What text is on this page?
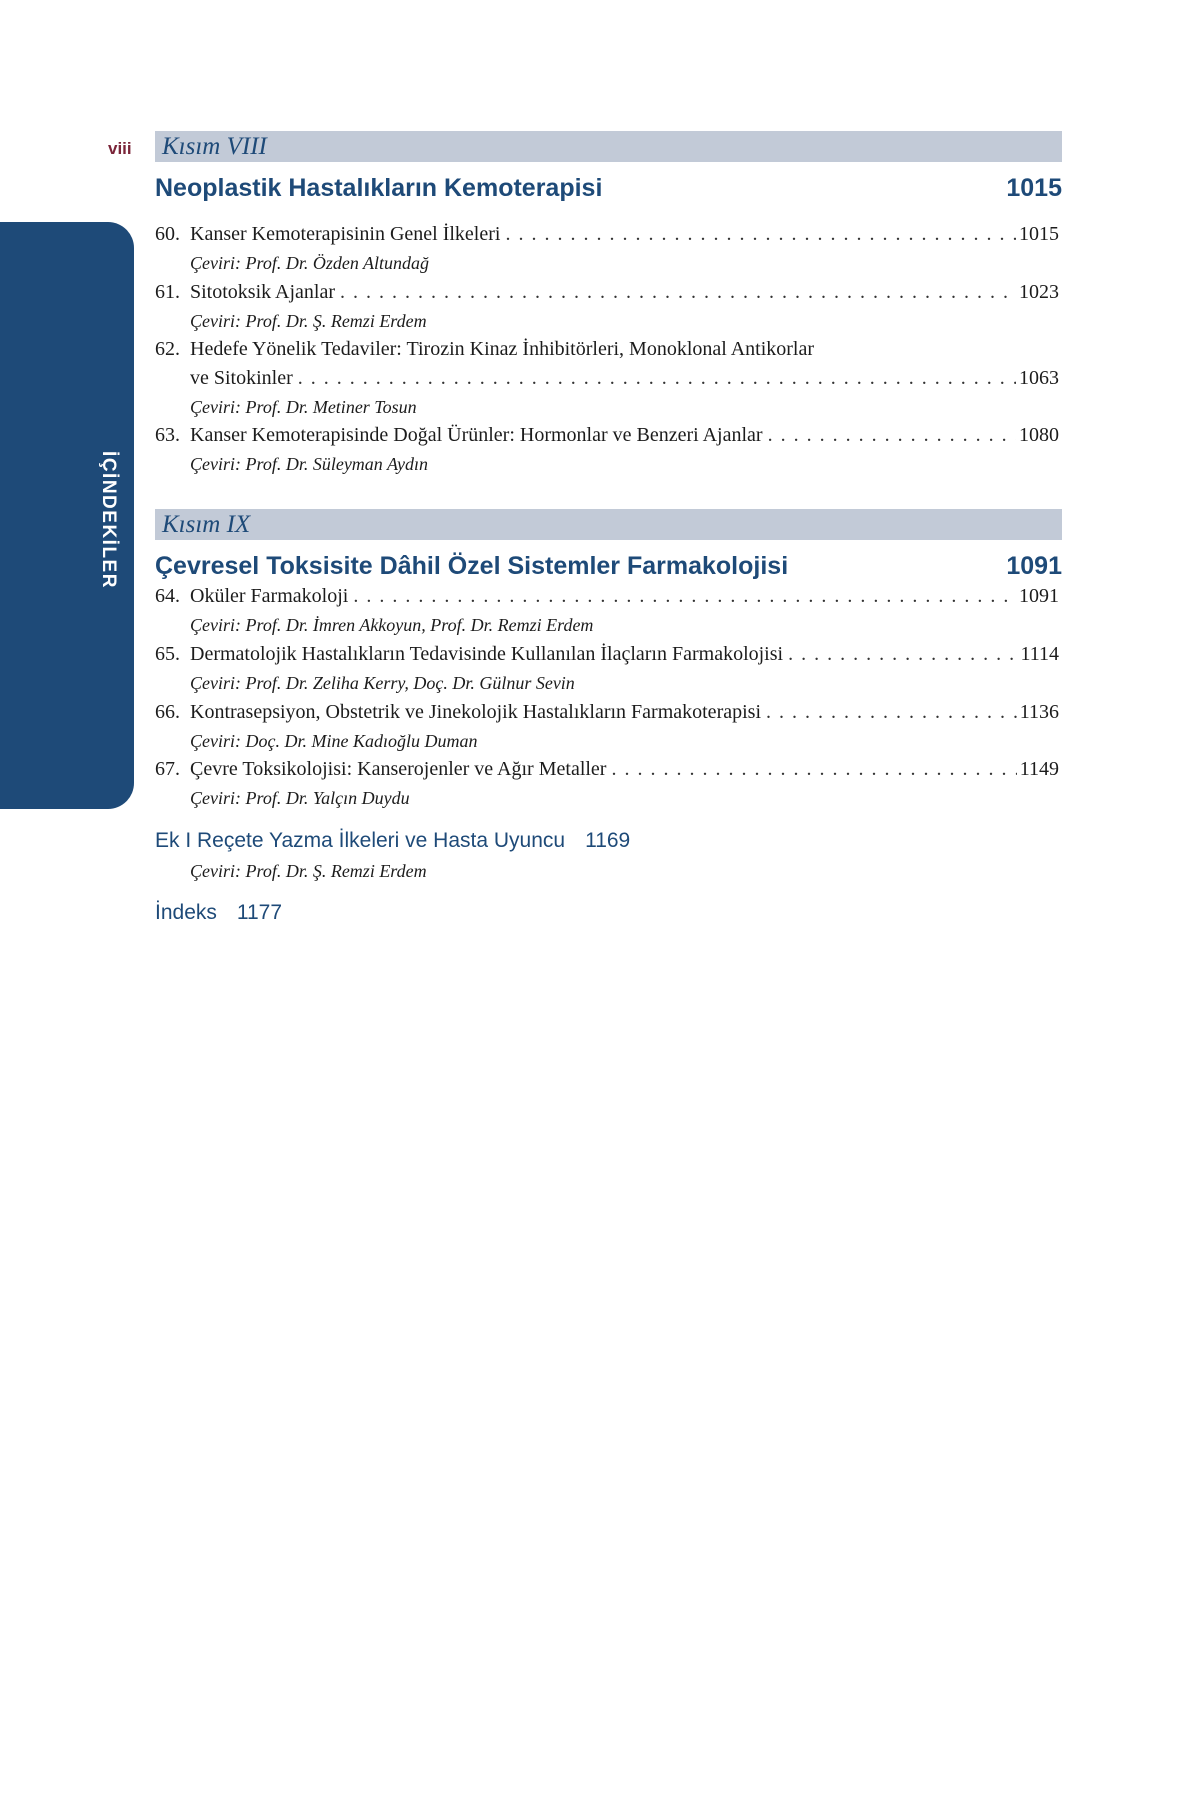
viii
İÇİNDEKİLER
Kısım VIII
Neoplastik Hastalıkların Kemoterapisi	1015
60. Kanser Kemoterapisinin Genel İlkeleri . . .	1015
Çeviri: Prof. Dr. Özden Altundağ
61. Sitotoksik Ajanlar . . .	1023
Çeviri: Prof. Dr. Ş. Remzi Erdem
62. Hedefe Yönelik Tedaviler: Tirozin Kinaz İnhibitörleri, Monoklonal Antikorlar
ve Sitokinler . . .	1063
Çeviri: Prof. Dr. Metiner Tosun
63. Kanser Kemoterapisinde Doğal Ürünler: Hormonlar ve Benzeri Ajanlar . . .	1080
Çeviri: Prof. Dr. Süleyman Aydın
Kısım IX
Çevresel Toksisite Dâhil Özel Sistemler Farmakolojisi	1091
64. Oküler Farmakoloji . . .	1091
Çeviri: Prof. Dr. İmren Akkoyun, Prof. Dr. Remzi Erdem
65. Dermatolojik Hastalıkların Tedavisinde Kullanılan İlaçların Farmakolojisi . . .	1114
Çeviri: Prof. Dr. Zeliha Kerry, Doç. Dr. Gülnur Sevin
66. Kontrasepsiyon, Obstetrik ve Jinekolojik Hastalıkların Farmakoterapisi . . .	1136
Çeviri: Doç. Dr. Mine Kadıoğlu Duman
67. Çevre Toksikolojisi: Kanserojenler ve Ağır Metaller . . .	1149
Çeviri: Prof. Dr. Yalçın Duydu
Ek I Reçete Yazma İlkeleri ve Hasta Uyuncu 1169
Çeviri: Prof. Dr. Ş. Remzi Erdem
İndeks 1177
